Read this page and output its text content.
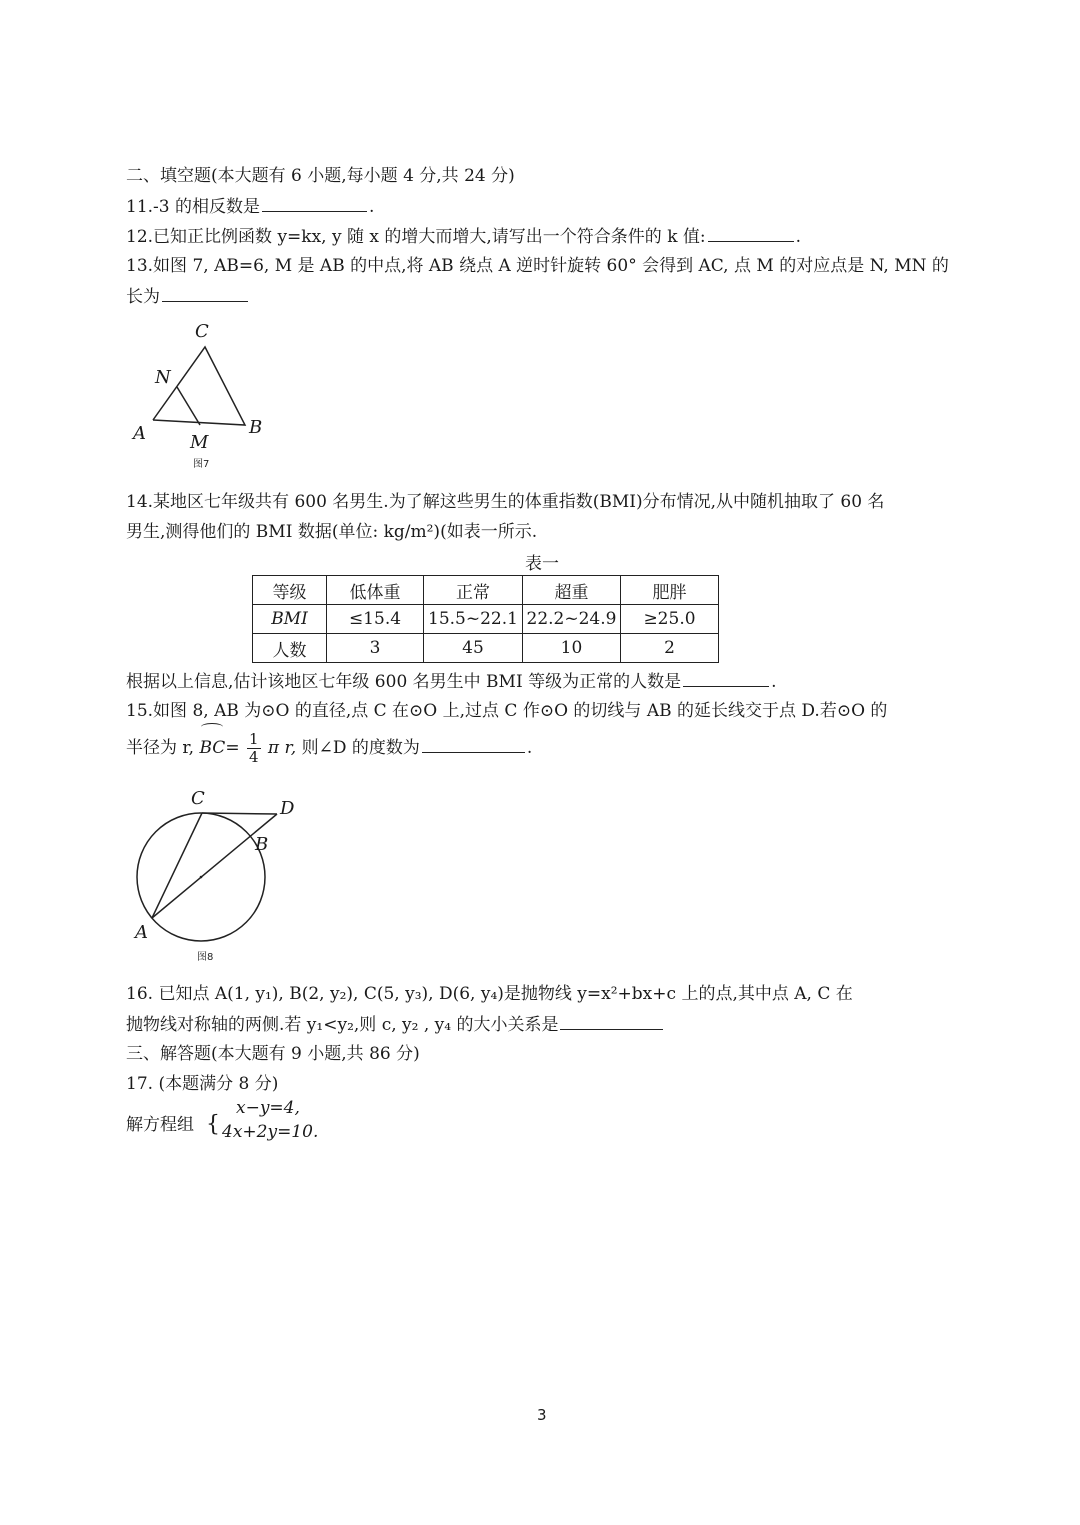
二、填空题(本大题有 6 小题,每小题 4 分,共 24 分)
11.-3 的相反数是	.
12.已知正比例函数 y=kx, y 随 x 的增大而增大,请写出一个符合条件的 k 值:	.
13.如图 7, AB=6, M 是 AB 的中点,将 AB 绕点 A 逆时针旋转 60° 会得到 AC, 点 M 的对应点是 N, MN 的
长为
C
N
A M
B
图7
14.某地区七年级共有 600 名男生.为了解这些男生的体重指数(BMI)分布情况,从中随机抽取了 60 名
男生,测得他们的 BMI 数据(单位: kg/m²)(如表一所示.
表一
等级	低体重	正常	超重	肥胖
BMI	≤15.4	15.5~22.1	22.2~24.9	≥25.0
人数	3	45	10	2
根据以上信息,估计该地区七年级 600 名男生中 BMI 等级为正常的人数是	.
15.如图 8, AB 为⊙O 的直径,点 C 在⊙O 上,过点 C 作⊙O 的切线与 AB 的延长线交于点 D.若⊙O 的
半径为 r, $BC= \frac{1}{4}$ π r, 则∠D 的度数为	.
C	D
B
A
图8
16. 已知点 A(1, y₁), B(2, y₂), C(5, y₃), D(6, y₄)是抛物线 y=x²+bx+c 上的点,其中点 A, C 在
抛物线对称轴的两侧.若 y₁<y₂,则 c, y₂ , y₄ 的大小关系是
三、解答题(本大题有 9 小题,共 86 分)
17. (本题满分 8 分)
解方程组 {
x−y=4,
4x+2y=10.
3
